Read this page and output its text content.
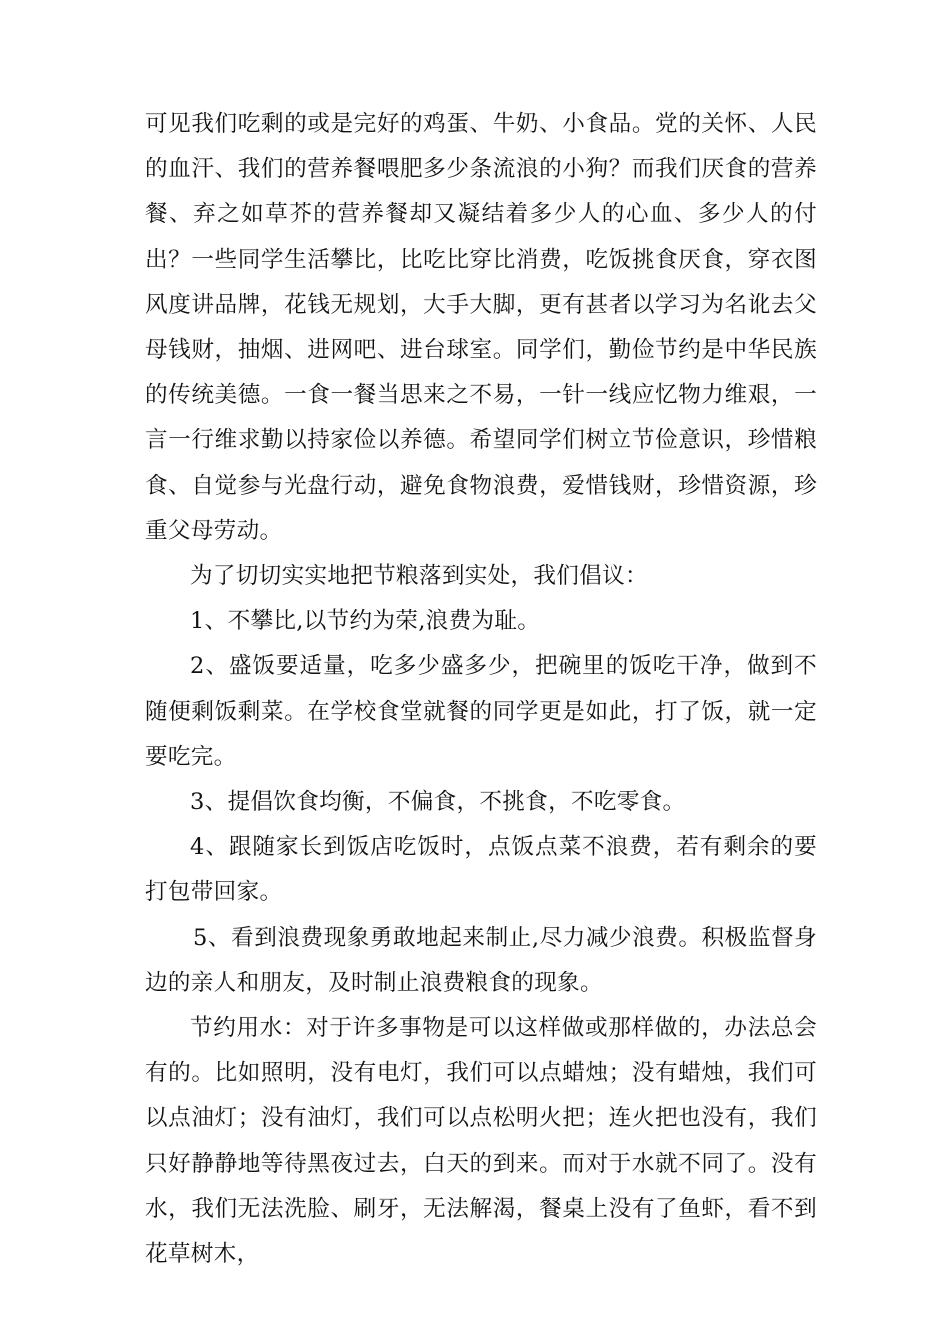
可见我们吃剩的或是完好的鸡蛋、牛奶、小食品。党的关怀、人民的血汗、我们的营养餐喂肥多少条流浪的小狗？而我们厌食的营养餐、弃之如草芥的营养餐却又凝结着多少人的心血、多少人的付出？一些同学生活攀比，比吃比穿比消费，吃饭挑食厌食，穿衣图风度讲品牌，花钱无规划，大手大脚，更有甚者以学习为名讹去父母钱财，抽烟、进网吧、进台球室。同学们，勤俭节约是中华民族的传统美德。一食一餐当思来之不易，一针一线应忆物力维艰，一言一行维求勤以持家俭以养德。希望同学们树立节俭意识，珍惜粮食、自觉参与光盘行动，避免食物浪费，爱惜钱财，珍惜资源，珍重父母劳动。

为了切切实实地把节粮落到实处，我们倡议：

1、不攀比,以节约为荣,浪费为耻。

2、盛饭要适量，吃多少盛多少，把碗里的饭吃干净，做到不随便剩饭剩菜。在学校食堂就餐的同学更是如此，打了饭，就一定要吃完。

3、提倡饮食均衡，不偏食，不挑食，不吃零食。

4、跟随家长到饭店吃饭时，点饭点菜不浪费，若有剩余的要打包带回家。

5、看到浪费现象勇敢地起来制止,尽力减少浪费。积极监督身边的亲人和朋友，及时制止浪费粮食的现象。

节约用水：对于许多事物是可以这样做或那样做的，办法总会有的。比如照明，没有电灯，我们可以点蜡烛；没有蜡烛，我们可以点油灯；没有油灯，我们可以点松明火把；连火把也没有，我们只好静静地等待黑夜过去，白天的到来。而对于水就不同了。没有水，我们无法洗脸、刷牙，无法解渴，餐桌上没有了鱼虾，看不到花草树木，
